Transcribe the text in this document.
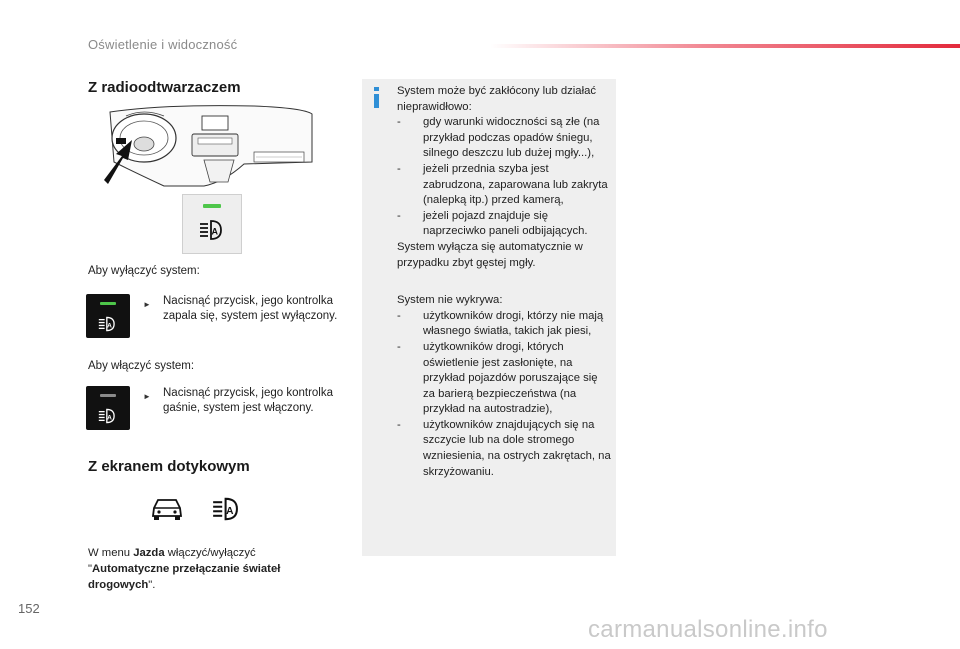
Oświetlenie i widoczność
Z radioodtwarzaczem
A
Aby wyłączyć system:
A
►	Nacisnąć przycisk, jego kontrolka zapala się, system jest wyłączony.
Aby włączyć system:
A
►	Nacisnąć przycisk, jego kontrolka gaśnie, system jest włączony.
Z ekranem dotykowym

A
W menu Jazda włączyć/wyłączyć "Automatyczne przełączanie świateł drogowych".

System może być zakłócony lub działać nieprawidłowo:

-	gdy warunki widoczności są złe (na przykład podczas opadów śniegu, silnego deszczu lub dużej mgły...),
-	jeżeli przednia szyba jest zabrudzona, zaparowana lub zakryta (nalepką itp.) przed kamerą,
-	jeżeli pojazd znajduje się naprzeciwko paneli odbijających.

System wyłącza się automatycznie w przypadku zbyt gęstej mgły.

System nie wykrywa:

-	użytkowników drogi, którzy nie mają własnego światła, takich jak piesi,
-	użytkowników drogi, których oświetlenie jest zasłonięte, na przykład pojazdów poruszające się za barierą bezpieczeństwa (na przykład na autostradzie),
-	użytkowników znajdujących się na szczycie lub na dole stromego wzniesienia, na ostrych zakrętach, na skrzyżowaniu.
152
carmanualsonline.info
